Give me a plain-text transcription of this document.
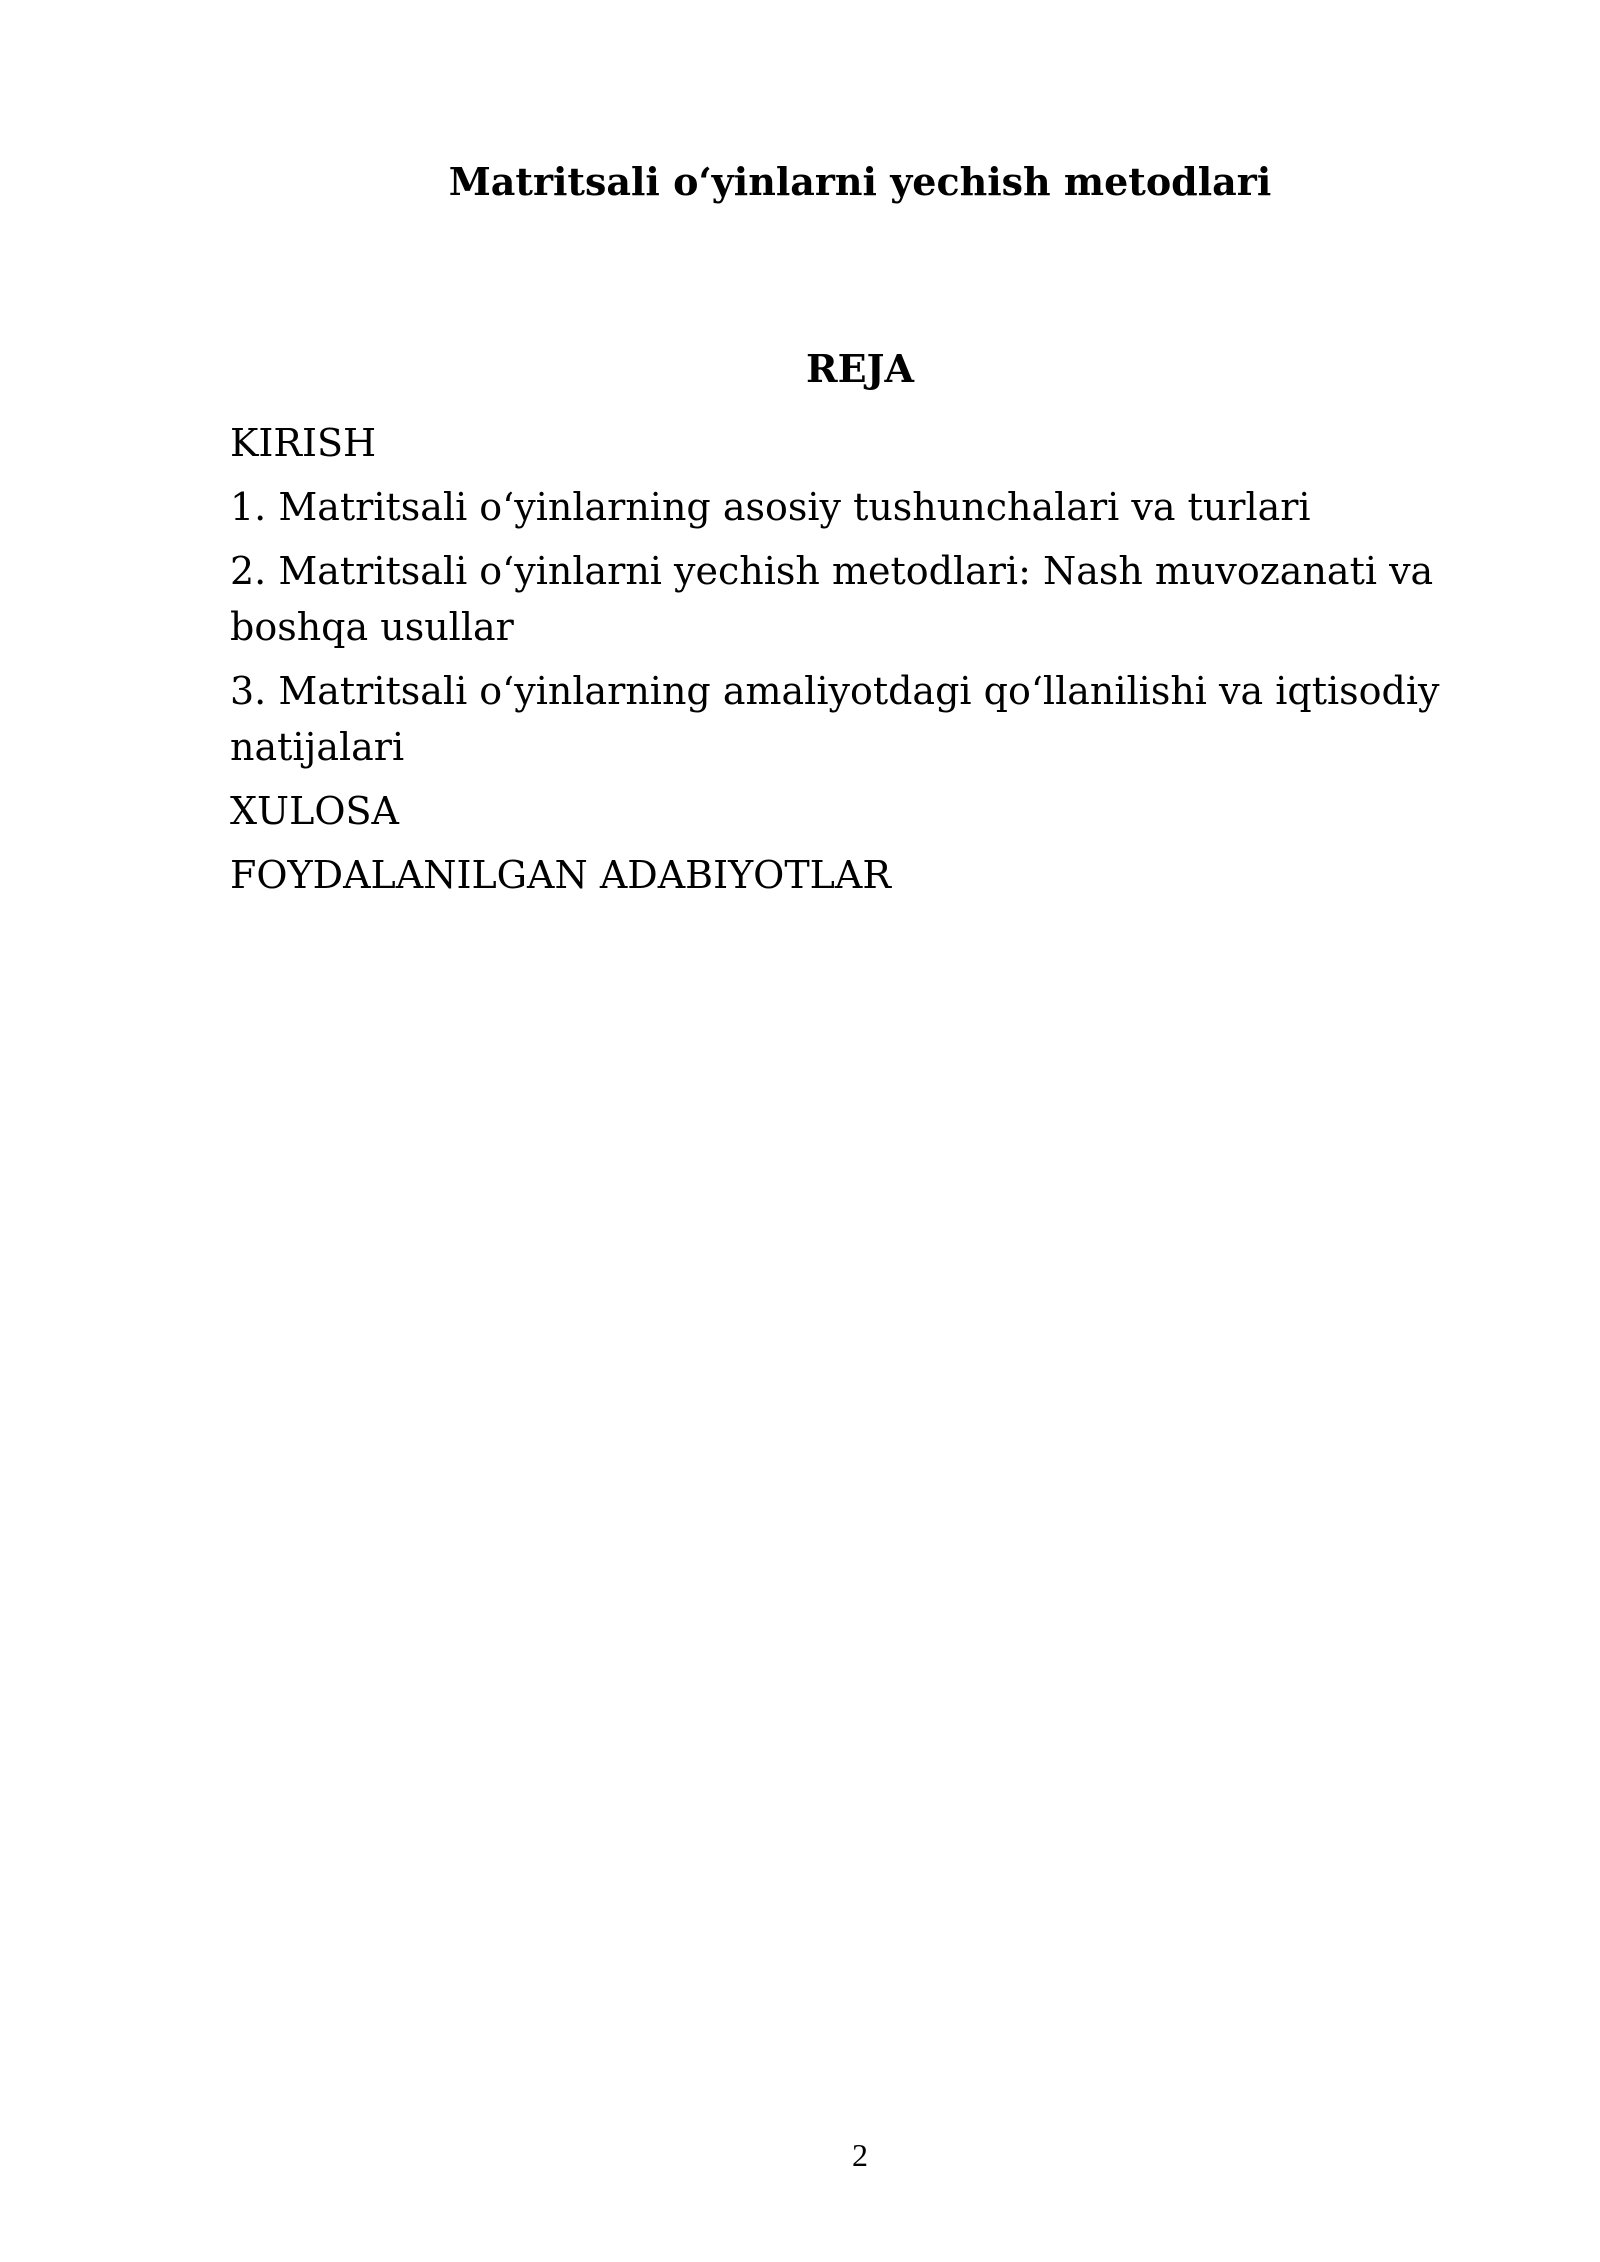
Matritsali o‘yinlarni yechish metodlari
REJA
KIRISH
1. Matritsali o‘yinlarning asosiy tushunchalari va turlari
2. Matritsali o‘yinlarni yechish metodlari: Nash muvozanati va boshqa usullar
3. Matritsali o‘yinlarning amaliyotdagi qo‘llanilishi va iqtisodiy natijalari
XULOSA
FOYDALANILGAN ADABIYOTLAR
2
